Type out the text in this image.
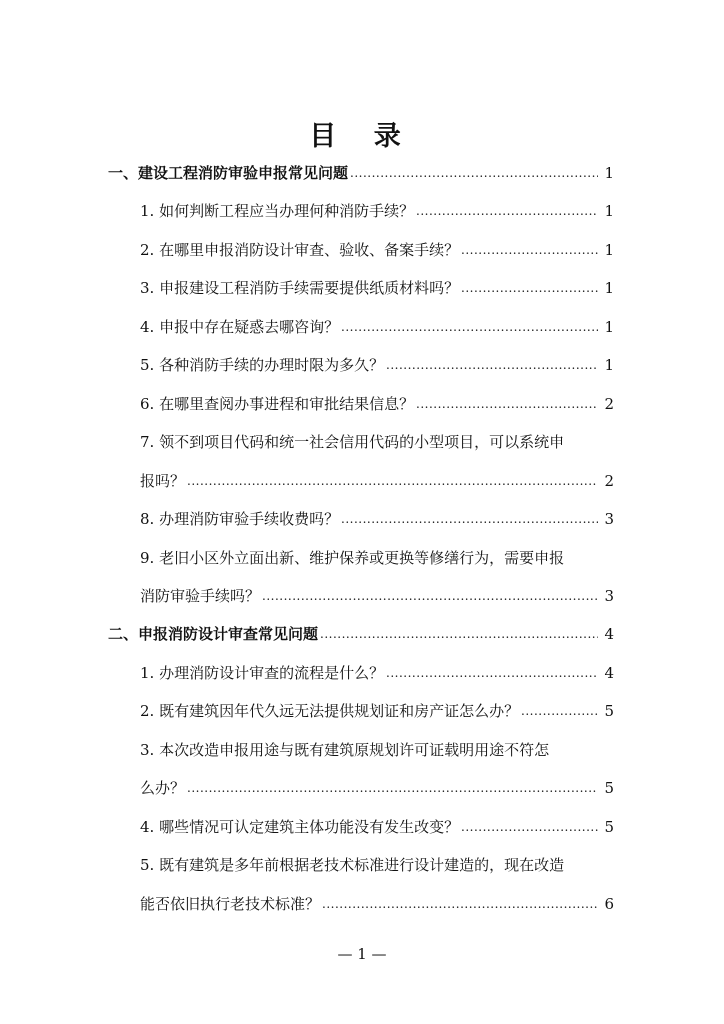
目 录
一、建设工程消防审验申报常见问题 .....	1
1. 如何判断工程应当办理何种消防手续？ .....	1
2. 在哪里申报消防设计审查、验收、备案手续？ .....	1
3. 申报建设工程消防手续需要提供纸质材料吗？ .....	1
4. 申报中存在疑惑去哪咨询？ .....	1
5. 各种消防手续的办理时限为多久？ .....	1
6. 在哪里查阅办事进程和审批结果信息？ .....	2
7. 领不到项目代码和统一社会信用代码的小型项目，可以系统申
报吗？ .....	2
8. 办理消防审验手续收费吗？ .....	3
9. 老旧小区外立面出新、维护保养或更换等修缮行为，需要申报
消防审验手续吗？ .....	3
二、申报消防设计审查常见问题 .....	4
1. 办理消防设计审查的流程是什么？ .....	4
2. 既有建筑因年代久远无法提供规划证和房产证怎么办？ .....	5
3. 本次改造申报用途与既有建筑原规划许可证载明用途不符怎
么办？ .....	5
4. 哪些情况可认定建筑主体功能没有发生改变？ .....	5
5. 既有建筑是多年前根据老技术标准进行设计建造的，现在改造
能否依旧执行老技术标准？ .....	6
— 1 —
